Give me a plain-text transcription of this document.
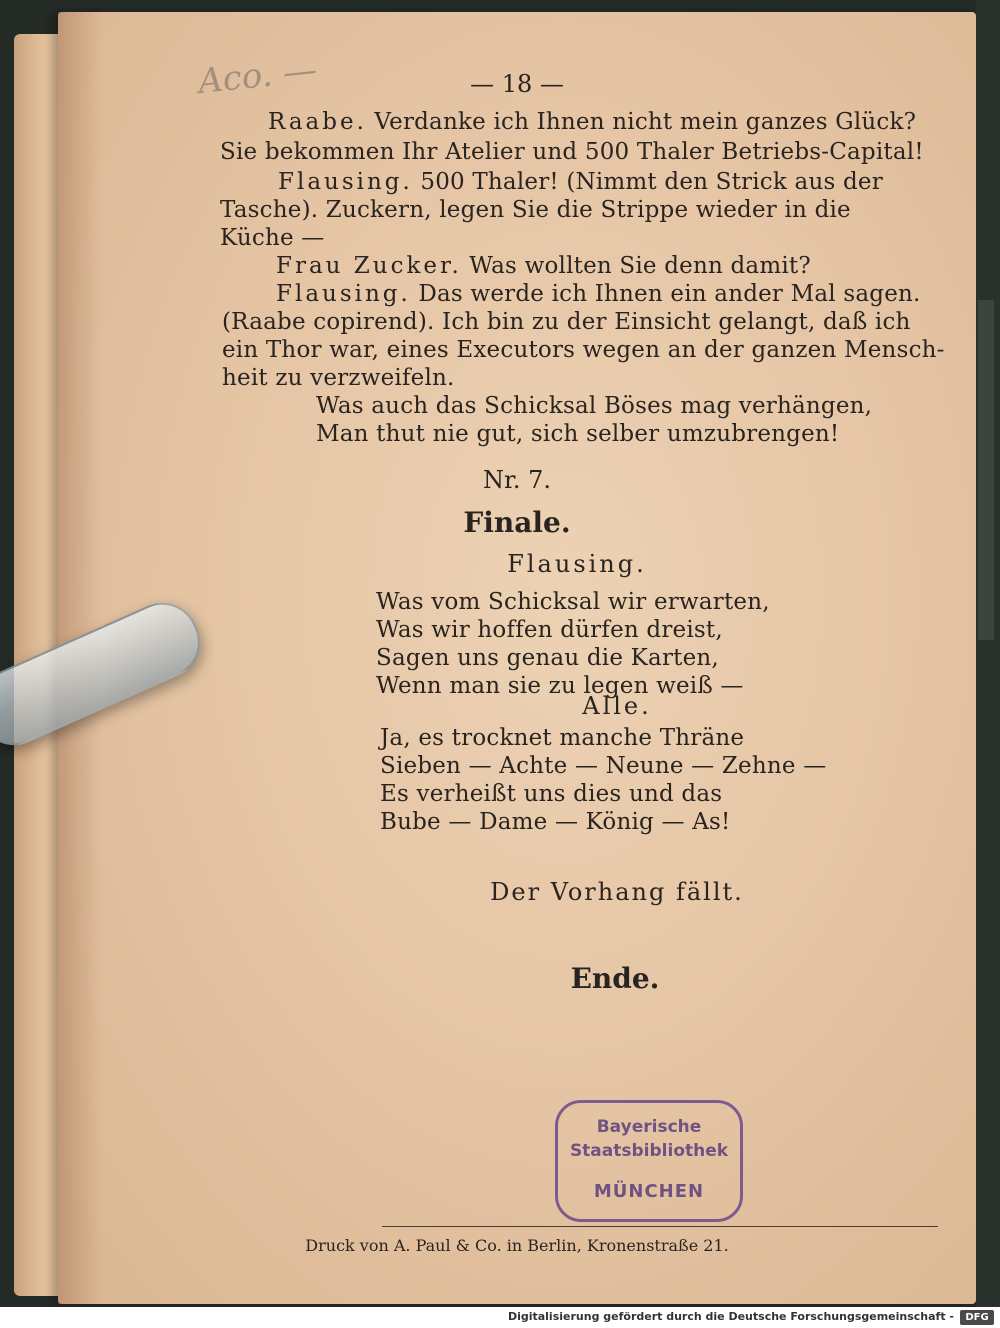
Aco. —	— 18 —

Raabe. Verdanke ich Ihnen nicht mein ganzes Glück?

Sie bekommen Ihr Atelier und 500 Thaler Betriebs-Capital!

Flausing. 500 Thaler! (Nimmt den Strick aus der

Tasche). Zuckern, legen Sie die Strippe wieder in die

Küche —

Frau Zucker. Was wollten Sie denn damit?

Flausing. Das werde ich Ihnen ein ander Mal sagen.

(Raabe copirend). Ich bin zu der Einsicht gelangt, daß ich

ein Thor war, eines Executors wegen an der ganzen Mensch-

heit zu verzweifeln.

Was auch das Schicksal Böses mag verhängen,

Man thut nie gut, sich selber umzubrengen!

Nr. 7.

Finale.

Flausing.

Was vom Schicksal wir erwarten,

Was wir hoffen dürfen dreist,

Sagen uns genau die Karten,

Wenn man sie zu legen weiß —

Alle.

Ja, es trocknet manche Thräne

Sieben — Achte — Neune — Zehne —

Es verheißt uns dies und das

Bube — Dame — König — As!

Der Vorhang fällt.

Ende.

Bayerische
Staatsbibliothek
MÜNCHEN

Druck von A. Paul & Co. in Berlin, Kronenstraße 21.

Digitalisierung gefördert durch die Deutsche Forschungsgemeinschaft -	DFG
